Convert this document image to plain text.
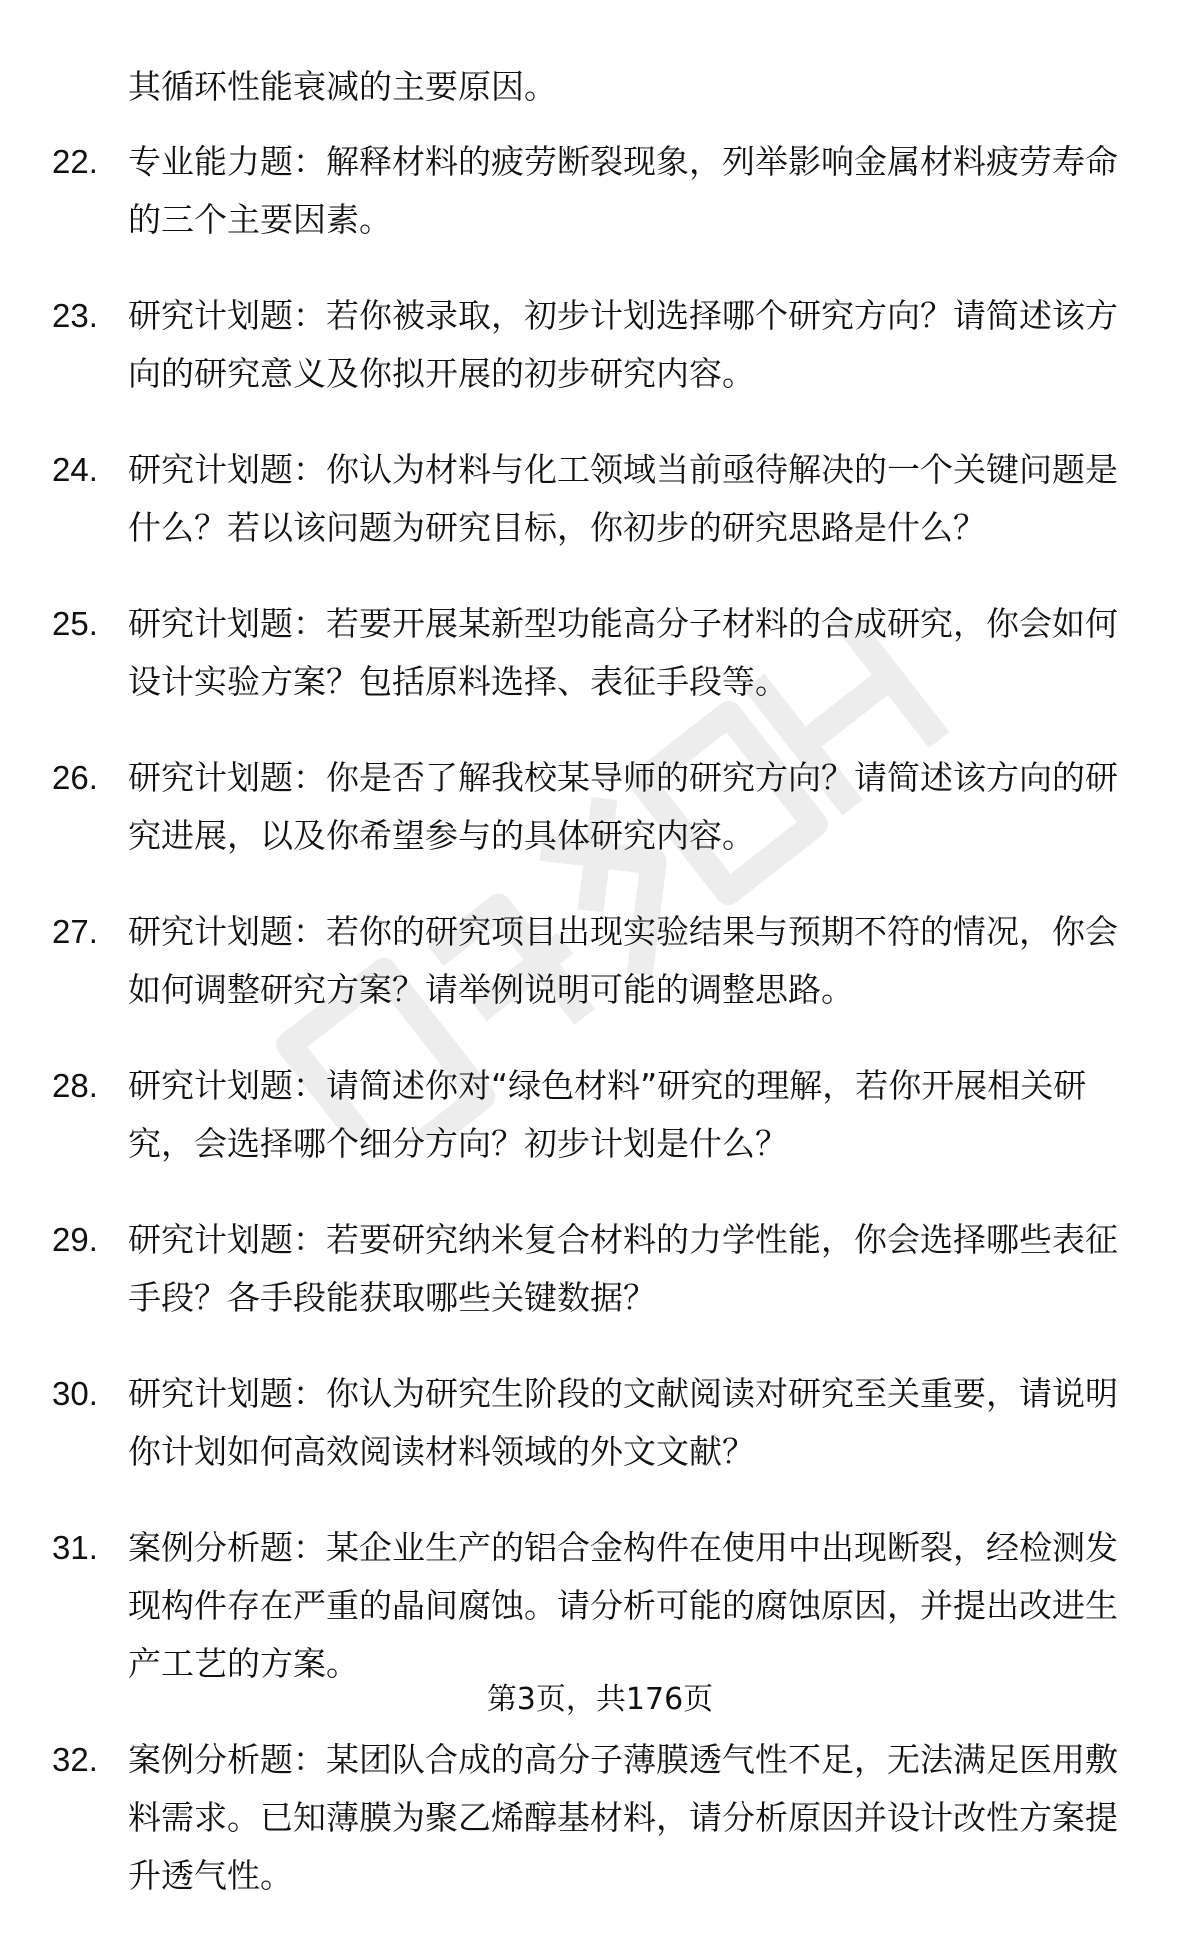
其循环性能衰减的主要原因。
22. 专业能力题：解释材料的疲劳断裂现象，列举影响金属材料疲劳寿命的三个主要因素。
23. 研究计划题：若你被录取，初步计划选择哪个研究方向？请简述该方向的研究意义及你拟开展的初步研究内容。
24. 研究计划题：你认为材料与化工领域当前亟待解决的一个关键问题是什么？若以该问题为研究目标，你初步的研究思路是什么？
25. 研究计划题：若要开展某新型功能高分子材料的合成研究，你会如何设计实验方案？包括原料选择、表征手段等。
26. 研究计划题：你是否了解我校某导师的研究方向？请简述该方向的研究进展，以及你希望参与的具体研究内容。
27. 研究计划题：若你的研究项目出现实验结果与预期不符的情况，你会如何调整研究方案？请举例说明可能的调整思路。
28. 研究计划题：请简述你对“绿色材料”研究的理解，若你开展相关研究，会选择哪个细分方向？初步计划是什么？
29. 研究计划题：若要研究纳米复合材料的力学性能，你会选择哪些表征手段？各手段能获取哪些关键数据？
30. 研究计划题：你认为研究生阶段的文献阅读对研究至关重要，请说明你计划如何高效阅读材料领域的外文文献？
31. 案例分析题：某企业生产的铝合金构件在使用中出现断裂，经检测发现构件存在严重的晶间腐蚀。请分析可能的腐蚀原因，并提出改进生产工艺的方案。
32. 案例分析题：某团队合成的高分子薄膜透气性不足，无法满足医用敷料需求。已知薄膜为聚乙烯醇基材料，请分析原因并设计改性方案提升透气性。
第3页，共176页
